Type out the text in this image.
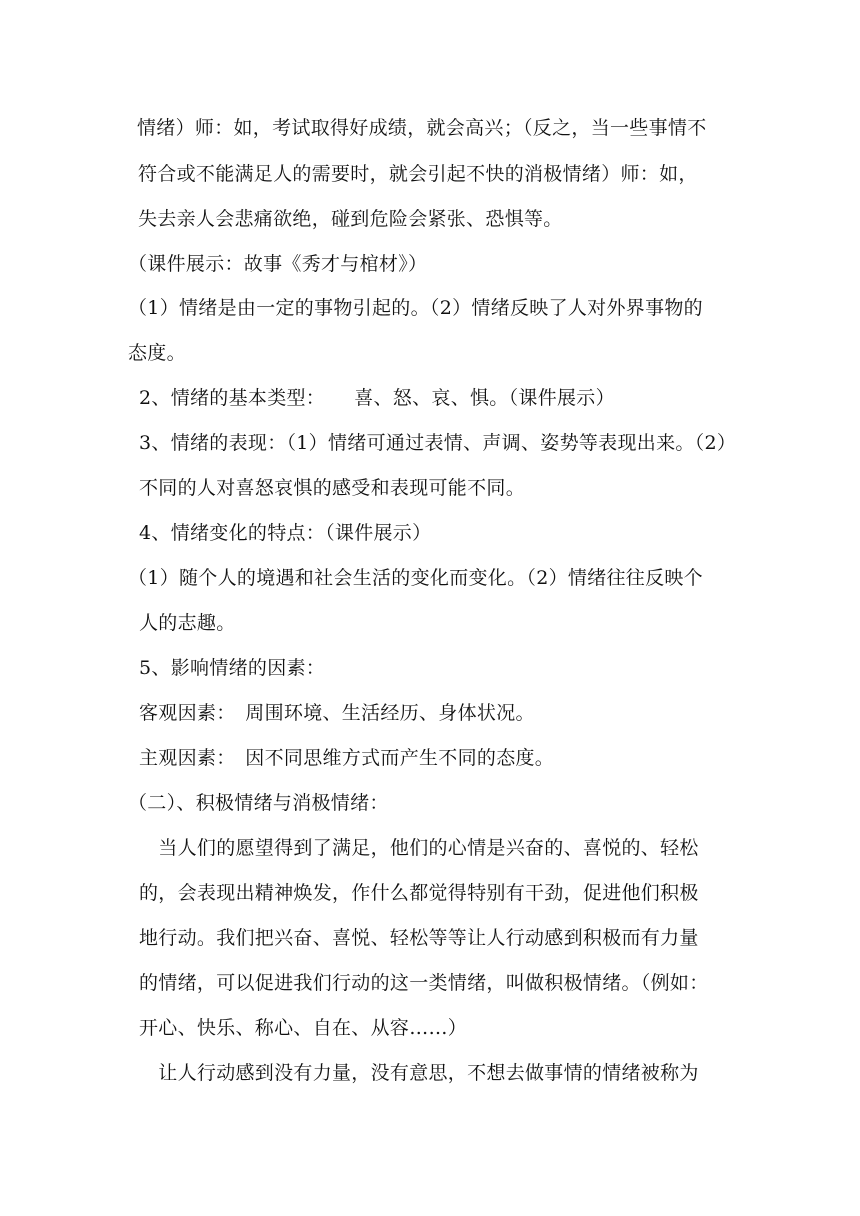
情绪）师：如，考试取得好成绩，就会高兴；（反之，当一些事情不

符合或不能满足人的需要时，就会引起不快的消极情绪）师：如，

失去亲人会悲痛欲绝，碰到危险会紧张、恐惧等。

（课件展示：故事《秀才与棺材》）

（1）情绪是由一定的事物引起的。（2）情绪反映了人对外界事物的

态度。

2、情绪的基本类型：　　喜、怒、哀、惧。（课件展示）

3、情绪的表现：（1）情绪可通过表情、声调、姿势等表现出来。（2）

不同的人对喜怒哀惧的感受和表现可能不同。

4、情绪变化的特点：（课件展示）

（1）随个人的境遇和社会生活的变化而变化。（2）情绪往往反映个

人的志趣。

5、影响情绪的因素：

客观因素：　周围环境、生活经历、身体状况。

主观因素：　因不同思维方式而产生不同的态度。

（二）、积极情绪与消极情绪：

　当人们的愿望得到了满足，他们的心情是兴奋的、喜悦的、轻松

的，会表现出精神焕发，作什么都觉得特别有干劲，促进他们积极

地行动。我们把兴奋、喜悦、轻松等等让人行动感到积极而有力量

的情绪，可以促进我们行动的这一类情绪，叫做积极情绪。（例如：

开心、快乐、称心、自在、从容……）

　让人行动感到没有力量，没有意思，不想去做事情的情绪被称为
